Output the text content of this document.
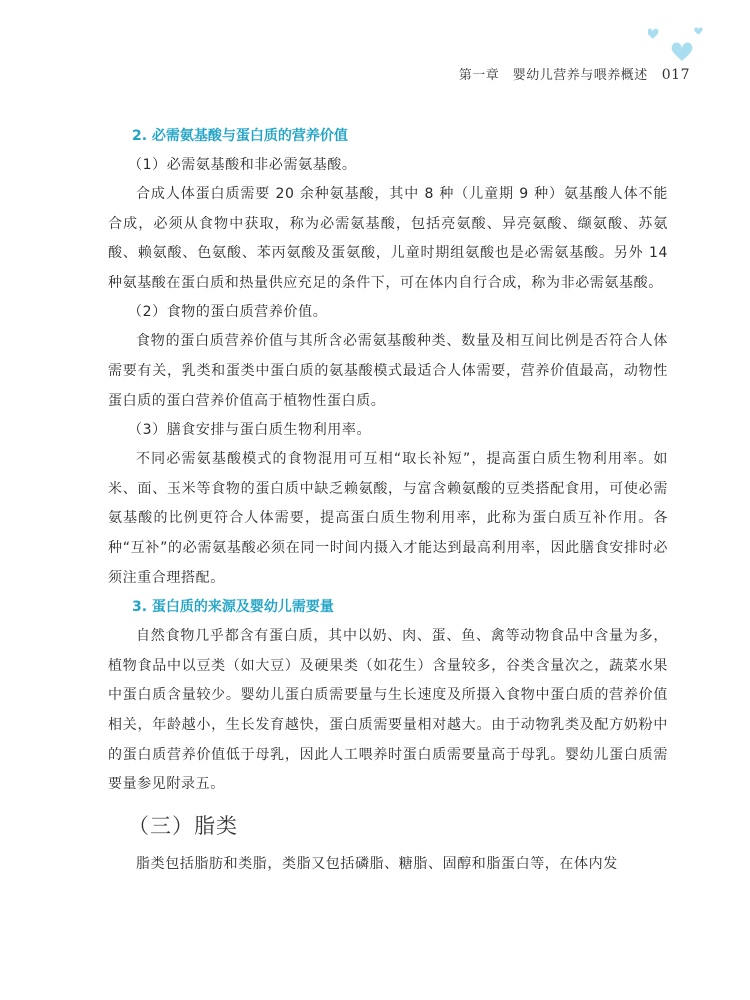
第一章　婴幼儿营养与喂养概述 017

2. 必需氨基酸与蛋白质的营养价值

（1）必需氨基酸和非必需氨基酸。

合成人体蛋白质需要 20 余种氨基酸，其中 8 种（儿童期 9 种）氨基酸人体不能合成，必须从食物中获取，称为必需氨基酸，包括亮氨酸、异亮氨酸、缬氨酸、苏氨酸、赖氨酸、色氨酸、苯丙氨酸及蛋氨酸，儿童时期组氨酸也是必需氨基酸。另外 14 种氨基酸在蛋白质和热量供应充足的条件下，可在体内自行合成，称为非必需氨基酸。

（2）食物的蛋白质营养价值。

食物的蛋白质营养价值与其所含必需氨基酸种类、数量及相互间比例是否符合人体需要有关，乳类和蛋类中蛋白质的氨基酸模式最适合人体需要，营养价值最高，动物性蛋白质的蛋白营养价值高于植物性蛋白质。

（3）膳食安排与蛋白质生物利用率。

不同必需氨基酸模式的食物混用可互相“取长补短”，提高蛋白质生物利用率。如米、面、玉米等食物的蛋白质中缺乏赖氨酸，与富含赖氨酸的豆类搭配食用，可使必需氨基酸的比例更符合人体需要，提高蛋白质生物利用率，此称为蛋白质互补作用。各种“互补”的必需氨基酸必须在同一时间内摄入才能达到最高利用率，因此膳食安排时必须注重合理搭配。

3. 蛋白质的来源及婴幼儿需要量

自然食物几乎都含有蛋白质，其中以奶、肉、蛋、鱼、禽等动物食品中含量为多，植物食品中以豆类（如大豆）及硬果类（如花生）含量较多，谷类含量次之，蔬菜水果中蛋白质含量较少。婴幼儿蛋白质需要量与生长速度及所摄入食物中蛋白质的营养价值相关，年龄越小，生长发育越快，蛋白质需要量相对越大。由于动物乳类及配方奶粉中的蛋白质营养价值低于母乳，因此人工喂养时蛋白质需要量高于母乳。婴幼儿蛋白质需要量参见附录五。

（三）脂类

脂类包括脂肪和类脂，类脂又包括磷脂、糖脂、固醇和脂蛋白等，在体内发
